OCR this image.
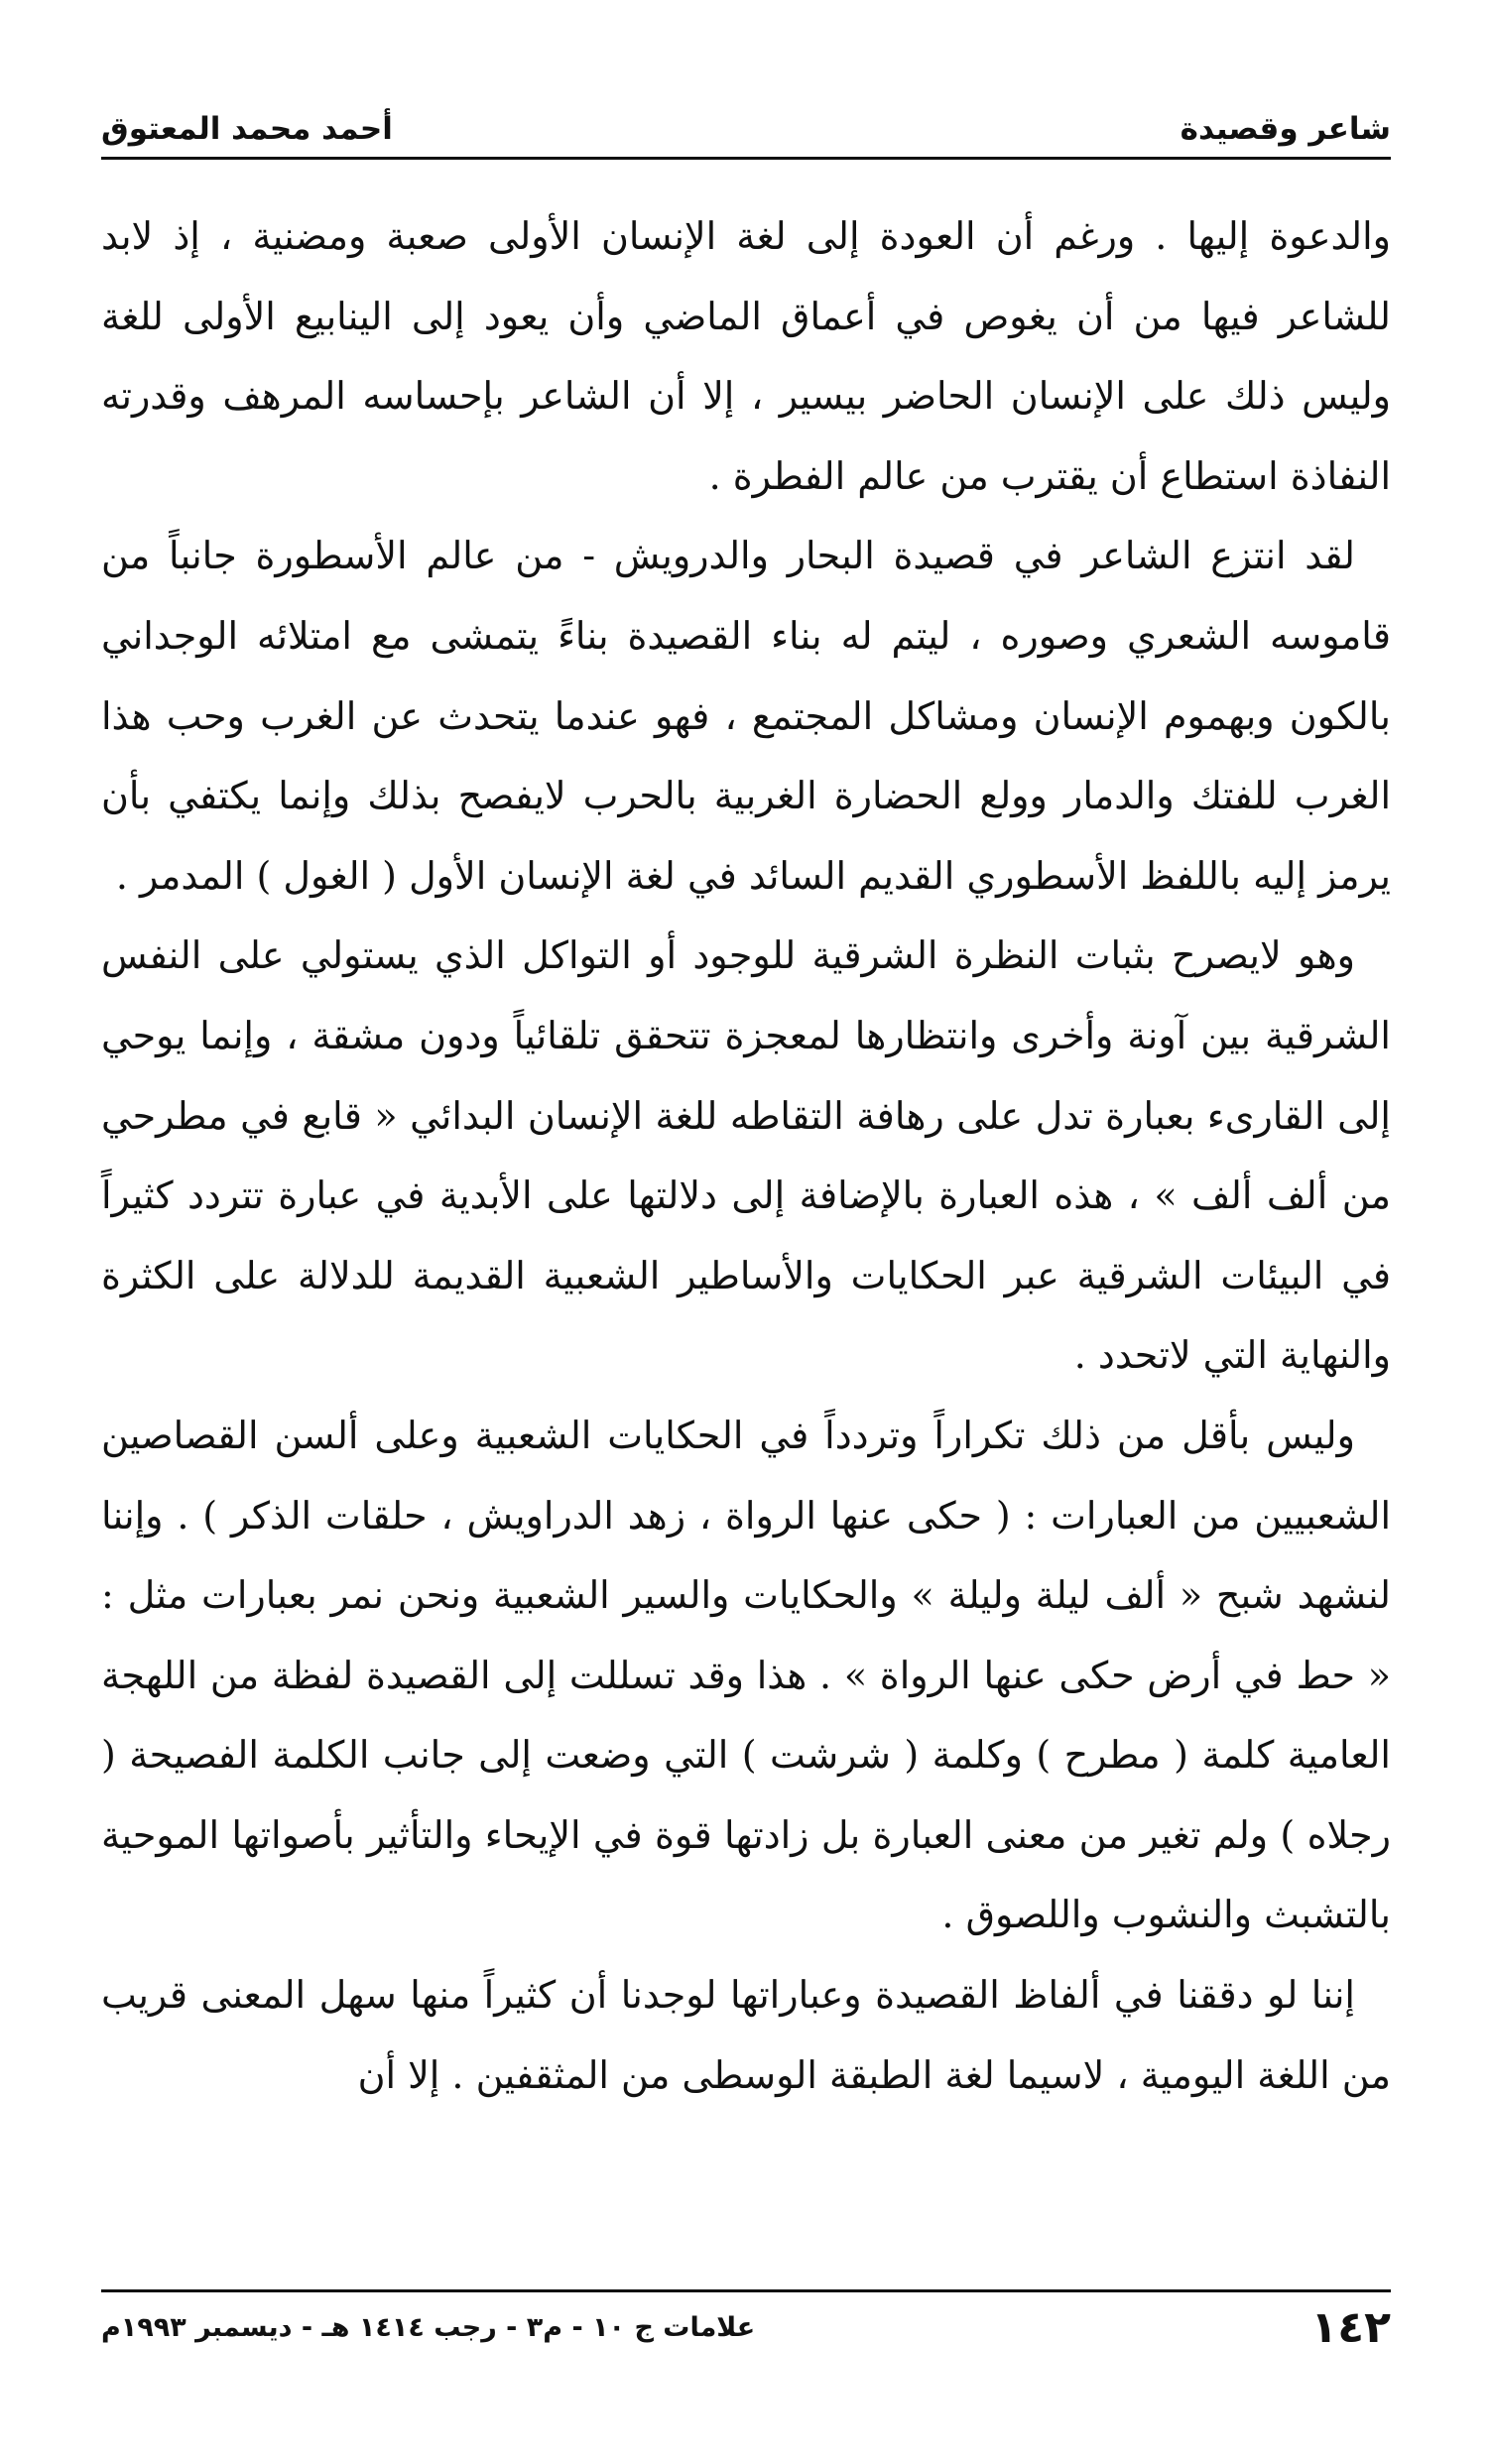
شاعر وقصيدة
أحمد محمد المعتوق

والدعوة إليها . ورغم أن العودة إلى لغة الإنسان الأولى صعبة ومضنية ، إذ لابد للشاعر فيها من أن يغوص في أعماق الماضي وأن يعود إلى الينابيع الأولى للغة وليس ذلك على الإنسان الحاضر بيسير ، إلا أن الشاعر بإحساسه المرهف وقدرته النفاذة استطاع أن يقترب من عالم الفطرة .

لقد انتزع الشاعر في قصيدة البحار والدرويش - من عالم الأسطورة جانباً من قاموسه الشعري وصوره ، ليتم له بناء القصيدة بناءً يتمشى مع امتلائه الوجداني بالكون وبهموم الإنسان ومشاكل المجتمع ، فهو عندما يتحدث عن الغرب وحب هذا الغرب للفتك والدمار وولع الحضارة الغربية بالحرب لايفصح بذلك وإنما يكتفي بأن يرمز إليه باللفظ الأسطوري القديم السائد في لغة الإنسان الأول ( الغول ) المدمر .

وهو لايصرح بثبات النظرة الشرقية للوجود أو التواكل الذي يستولي على النفس الشرقية بين آونة وأخرى وانتظارها لمعجزة تتحقق تلقائياً ودون مشقة ، وإنما يوحي إلى القارىء بعبارة تدل على رهافة التقاطه للغة الإنسان البدائي « قابع في مطرحي من ألف ألف » ، هذه العبارة بالإضافة إلى دلالتها على الأبدية في عبارة تتردد كثيراً في البيئات الشرقية عبر الحكايات والأساطير الشعبية القديمة للدلالة على الكثرة والنهاية التي لاتحدد .

وليس بأقل من ذلك تكراراً وتردداً في الحكايات الشعبية وعلى ألسن القصاصين الشعبيين من العبارات : ( حكى عنها الرواة ، زهد الدراويش ، حلقات الذكر ) . وإننا لنشهد شبح « ألف ليلة وليلة » والحكايات والسير الشعبية ونحن نمر بعبارات مثل : « حط في أرض حكى عنها الرواة » . هذا وقد تسللت إلى القصيدة لفظة من اللهجة العامية كلمة ( مطرح ) وكلمة ( شرشت ) التي وضعت إلى جانب الكلمة الفصيحة ( رجلاه ) ولم تغير من معنى العبارة بل زادتها قوة في الإيحاء والتأثير بأصواتها الموحية بالتشبث والنشوب واللصوق .

إننا لو دققنا في ألفاظ القصيدة وعباراتها لوجدنا أن كثيراً منها سهل المعنى قريب من اللغة اليومية ، لاسيما لغة الطبقة الوسطى من المثقفين . إلا أن

١٤٢
علامات ج ١٠ - م٣ - رجب ١٤١٤ هـ - ديسمبر ١٩٩٣م
